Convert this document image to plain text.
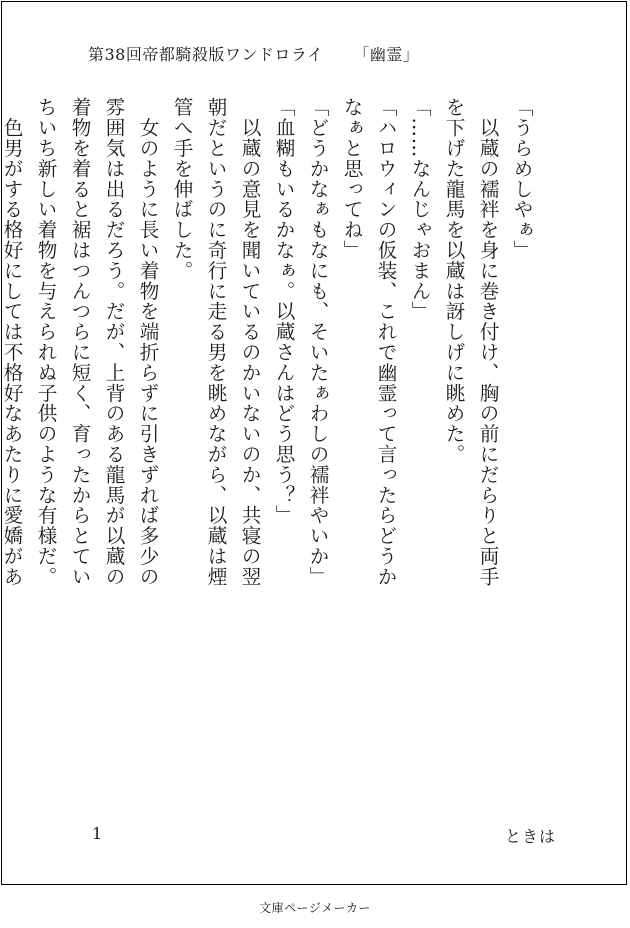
第38回帝都騎殺版ワンドロライ 「幽霊」

「うらめしやぁ」

　以蔵の襦袢を身に巻き付け、胸の前にだらりと両手を下げた龍馬を以蔵は訝しげに眺めた。

「……なんじゃおまん」

「ハロウィンの仮装、これで幽霊って言ったらどうかなぁと思ってね」

「どうかなぁもなにも、そいたぁわしの襦袢やいか」

「血糊もいるかなぁ。以蔵さんはどう思う？」

　以蔵の意見を聞いているのかいないのか、共寝の翌朝だというのに奇行に走る男を眺めながら、以蔵は煙管へ手を伸ばした。

　女のように長い着物を端折らずに引きずれば多少の雰囲気は出るだろう。だが、上背のある龍馬が以蔵の着物を着ると裾はつんつらに短く、育ったからとていちいち新しい着物を与えられぬ子供のような有様だ。

　色男がする格好にしては不格好なあたりに愛嬌があ

1	ときは
文庫ページメーカー
